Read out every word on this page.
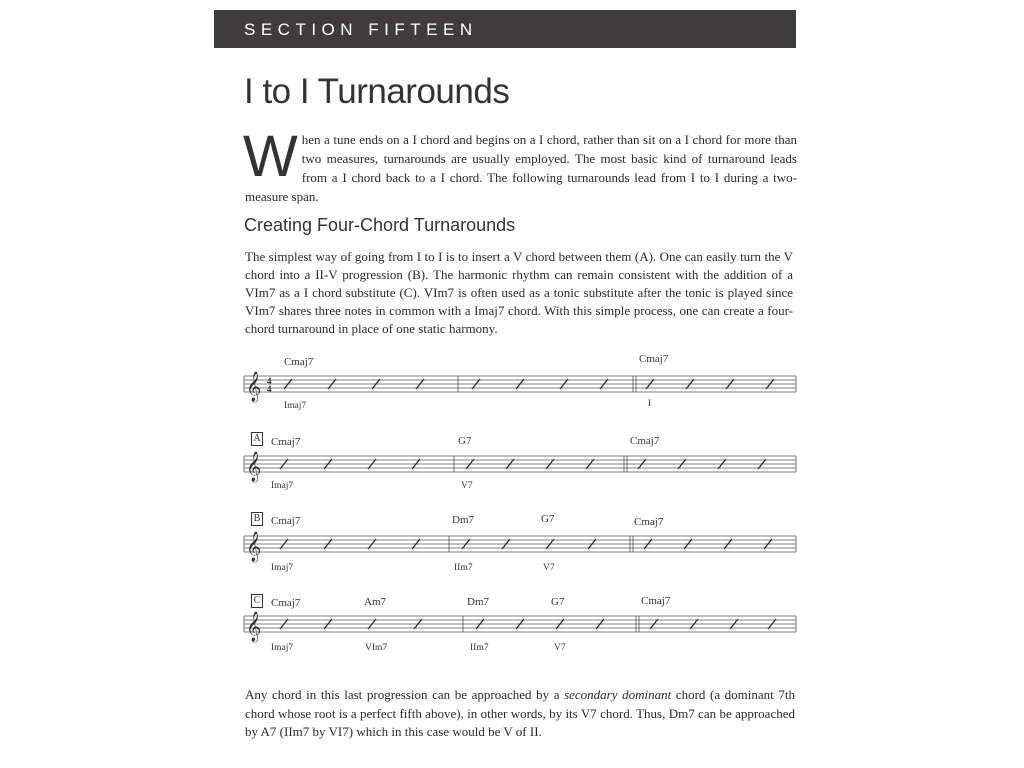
SECTION FIFTEEN
I to I Turnarounds

When a tune ends on a I chord and begins on a I chord, rather than sit on a I chord for more than two measures, turnarounds are usually employed. The most basic kind of turnaround leads from a I chord back to a I chord. The following turnarounds lead from I to I during a two-measure span.

Creating Four-Chord Turnarounds

The simplest way of going from I to I is to insert a V chord between them (A). One can easily turn the V chord into a II-V progression (B). The harmonic rhythm can remain consistent with the addition of a VIm7 as a I chord substitute (C). VIm7 is often used as a tonic substitute after the tonic is played since VIm7 shares three notes in common with a Imaj7 chord. With this simple process, one can create a four-chord turnaround in place of one static harmony.

Cmaj7	Cmaj7
𝄞 4
4
Imaj7	I
A Cmaj7	G7	Cmaj7
𝄞
Imaj7	V7
B Cmaj7	Dm7	G7	Cmaj7
𝄞
Imaj7	IIm7	V7
C Cmaj7	Am7	Dm7	G7	Cmaj7
𝄞
Imaj7	VIm7	IIm7	V7

Any chord in this last progression can be approached by a secondary dominant chord (a dominant 7th chord whose root is a perfect fifth above), in other words, by its V7 chord. Thus, Dm7 can be approached by A7 (IIm7 by VI7) which in this case would be V of II.
